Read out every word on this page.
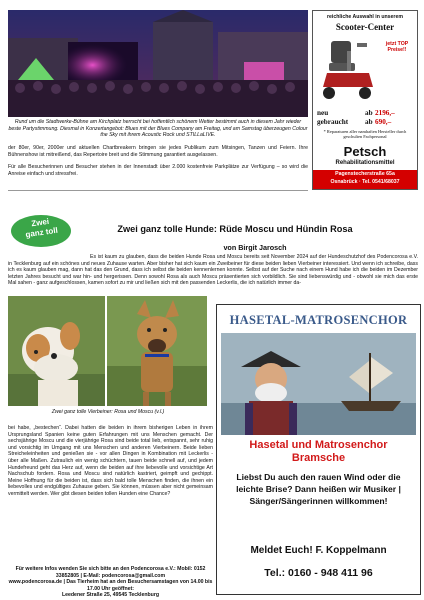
Rund um die Stadtwerke-Bühne am Kirchplatz herrscht bei hoffentlich schönem Wetter bestimmt auch in diesem Jahr wieder beste Partystimmung. Diesmal in Konzertangebot: Blues mit der Blues Company am Freitag, und am Samstag überzeugen Colour the Sky mit ihrem Acoustic Rock und STILLaLIVE.
der 80er, 90er, 2000er und aktuellen Chartbreakern bringen sie jedes Publikum zum Mitsingen, Tanzen und Feiern. Ihre Bühnenshow ist mitreißend, das Repertoire breit und die Stimmung garantiert ausgelassen.
Für alle Besucherinnen und Besucher stehen in der Innenstadt über 2.000 kostenfreie Parkplätze zur Verfügung – so wird die Anreise einfach und stressfrei.
reichliche Auswahl in unserem
Scooter-Center
jetzt TOP
Preise!!
neu	ab 2196,–
gebraucht ab 690,–
* Reparaturen aller namhaften Hersteller durch geschulten Fachpersonal
Petsch
Rehabilitationsmittel
Pagenstecherstraße 65a
Osnabrück · Tel. 0541/68037
Zwei
ganz toll	Zwei ganz tolle Hunde: Rüde Moscu und Hündin Rosa
von Birgit Jarosch
Es ist kaum zu glauben, dass die beiden Hunde Rosa und Moscu bereits seit November 2024 auf der Hundeschutzhof des Podencorosa e.V. in Tecklenburg auf ein schönes und neues Zuhause warten. Aber bisher hat sich kaum ein Zweibeiner für diese beiden lieben Vierbeiner interessiert. Und wenn ich schreibe, dass ich es kaum glauben mag, dann hat das den Grund, dass ich selbst die beiden kennenlernen konnte. Selbst auf der Suche nach einem Hund habe ich die beiden im Dezember letzten Jahres besucht und war hin- und hergerissen. Denn sowohl Rosa als auch Moscu präsentierten sich vorbildlich. Sie sind liebenswürdig und - obwohl sie mich das erste Mal sahen - ganz aufgeschlossen, kamen sofort zu mir und ließen sich mit den passenden Leckerlis, die ich natürlich immer da-
Zwei ganz tolle Vierbeiner: Rosa und Moscu (v.l.)
bei habe, „bestechen“. Dabei hatten die beiden in ihrem bisherigen Leben in ihrem Ursprungsland Spanien keine guten Erfahrungen mit uns Menschen gemacht. Der sechsjährige Moscu und die vierjährige Rosa sind beide total lieb, entspannt, sehr ruhig und vorsichtig im Umgang mit uns Menschen und anderen Vierbeinern. Beide lieben Streicheleinheiten und genießen sie - vor allen Dingen in Kombination mit Leckerlis - über alle Maßen. Zutraulich ein wenig schüchtern, tauen beide schnell auf, und jedem Hundefreund geht das Herz auf, wenn die beiden auf ihre liebevolle und vorsichtige Art Nachschub fordern. Rosa und Moscu sind natürlich kastriert, geimpft und gechippt. Meine Hoffnung für die beiden ist, dass sich bald tolle Menschen finden, die ihnen ein liebevolles und endgültiges Zuhause geben. Sie können, müssen aber nicht gemeinsam vermittelt werden. Wer gibt diesen beiden tollen Hunden eine Chance?
Für weitere Infos wenden Sie sich bitte an den Podencorosa e.V.: Mobil: 0152 33852805 | E-Mail: podencorosa@gmail.com
www.podencorosa.de | Das Tierheim hat an den Besuchersamstagen von 14.00 bis 17.00 Uhr geöffnet:
Leedener Straße 25, 49545 Tecklenburg
HASETAL-MATROSENCHOR
Hasetal und Matrosenchor
Bramsche
Liebst Du auch den rauen Wind oder die leichte Brise? Dann heißen wir Musiker | Sänger/Sängerinnen willkommen!
Meldet Euch! F. Koppelmann
Tel.: 0160 - 948 411 96
